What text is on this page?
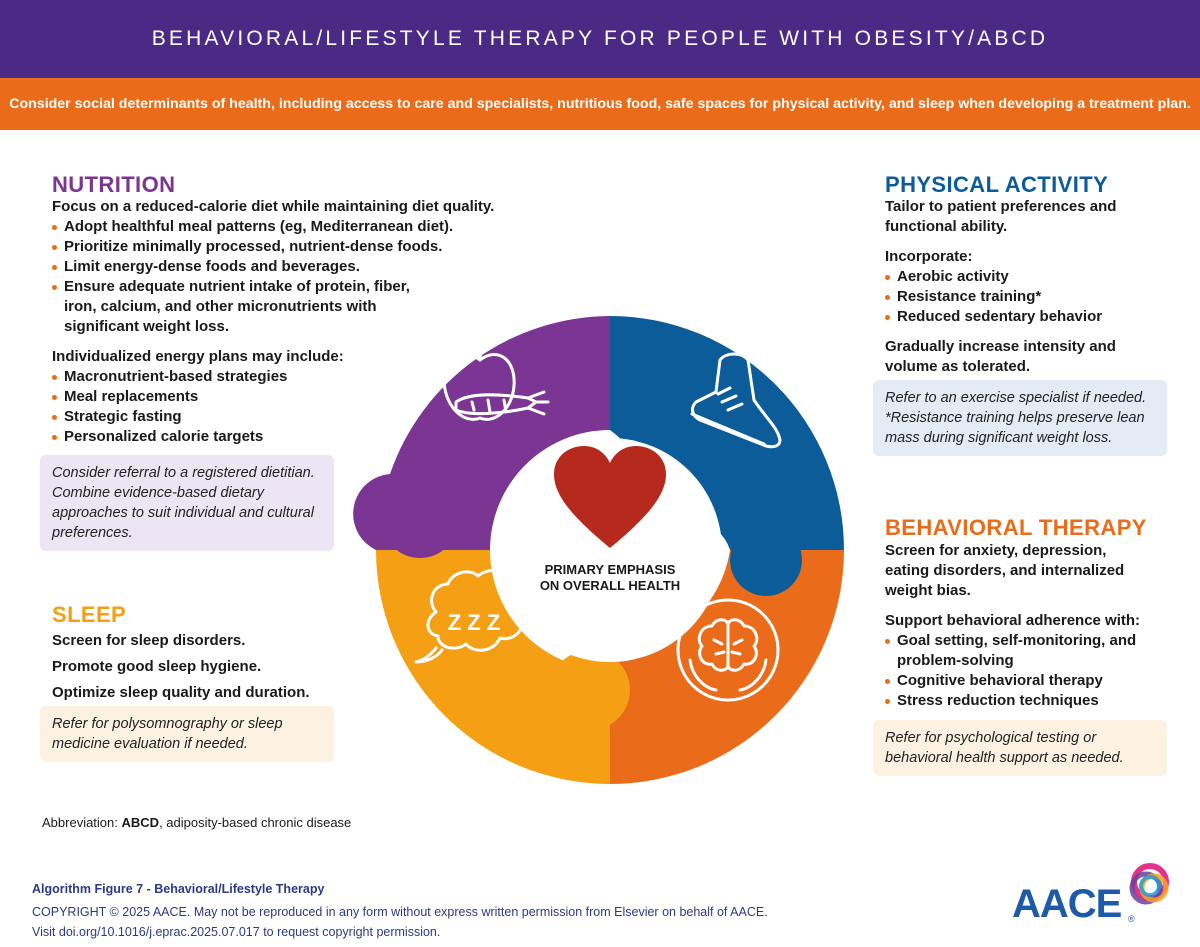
BEHAVIORAL/LIFESTYLE THERAPY FOR PEOPLE WITH OBESITY/ABCD
Consider social determinants of health, including access to care and specialists, nutritious food, safe spaces for physical activity, and sleep when developing a treatment plan.
Z Z Z
PRIMARY EMPHASIS
ON OVERALL HEALTH
NUTRITION
Focus on a reduced-calorie diet while maintaining diet quality.
Adopt healthful meal patterns (eg, Mediterranean diet).
Prioritize minimally processed, nutrient-dense foods.
Limit energy-dense foods and beverages.
Ensure adequate nutrient intake of protein, fiber, iron, calcium, and other micronutrients with significant weight loss.
Individualized energy plans may include:
Macronutrient-based strategies
Meal replacements
Strategic fasting
Personalized calorie targets
Consider referral to a registered dietitian. Combine evidence-based dietary approaches to suit individual and cultural preferences.
SLEEP
Screen for sleep disorders.
Promote good sleep hygiene.
Optimize sleep quality and duration.
Refer for polysomnography or sleep medicine evaluation if needed.
PHYSICAL ACTIVITY
Tailor to patient preferences and functional ability.
Incorporate:
Aerobic activity
Resistance training*
Reduced sedentary behavior
Gradually increase intensity and volume as tolerated.
Refer to an exercise specialist if needed. *Resistance training helps preserve lean mass during significant weight loss.
BEHAVIORAL THERAPY
Screen for anxiety, depression, eating disorders, and internalized weight bias.
Support behavioral adherence with:
Goal setting, self-monitoring, and problem-solving
Cognitive behavioral therapy
Stress reduction techniques
Refer for psychological testing or behavioral health support as needed.
Abbreviation: ABCD, adiposity-based chronic disease
Algorithm Figure 7 - Behavioral/Lifestyle Therapy
COPYRIGHT © 2025 AACE. May not be reproduced in any form without express written permission from Elsevier on behalf of AACE.
Visit doi.org/10.1016/j.eprac.2025.07.017 to request copyright permission.
AACE ®
